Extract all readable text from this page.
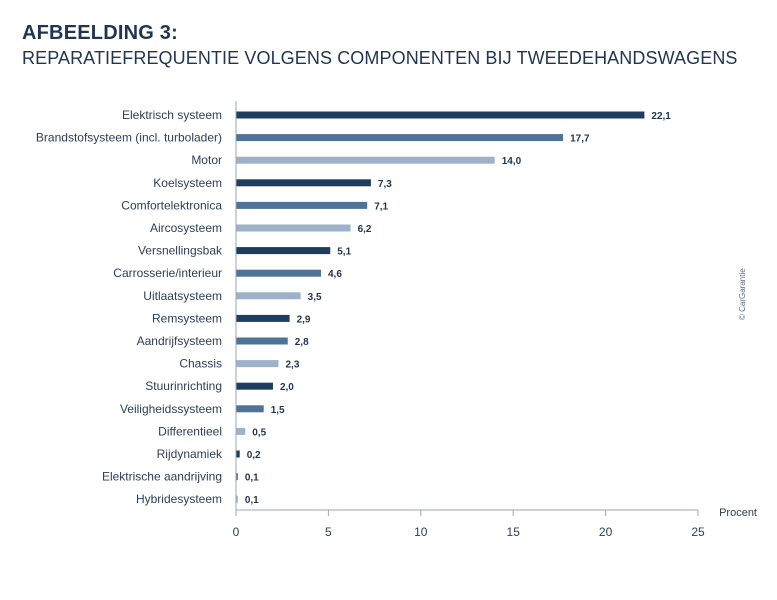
AFBEELDING 3:
REPARATIEFREQUENTIE VOLGENS COMPONENTEN BIJ TWEEDEHANDSWAGENS
Elektrisch systeem
Brandstofsysteem (incl. turbolader)
Motor
Koelsysteem
Comfortelektronica
Aircosysteem
Versnellingsbak
Carrosserie/interieur
Uitlaatsysteem
Remsysteem
Aandrijfsysteem
Chassis
Stuurinrichting
Veiligheidssysteem
Differentieel
Rijdynamiek
Elektrische aandrijving
Hybridesysteem
22,1
17,7
14,0
7,3
7,1
6,2
5,1
4,6
3,5
2,9
2,8
2,3
2,0
1,5
0,5
0,2
0,1
0,1
0	5	10	15	20	25
Procent
© CarGarantie
